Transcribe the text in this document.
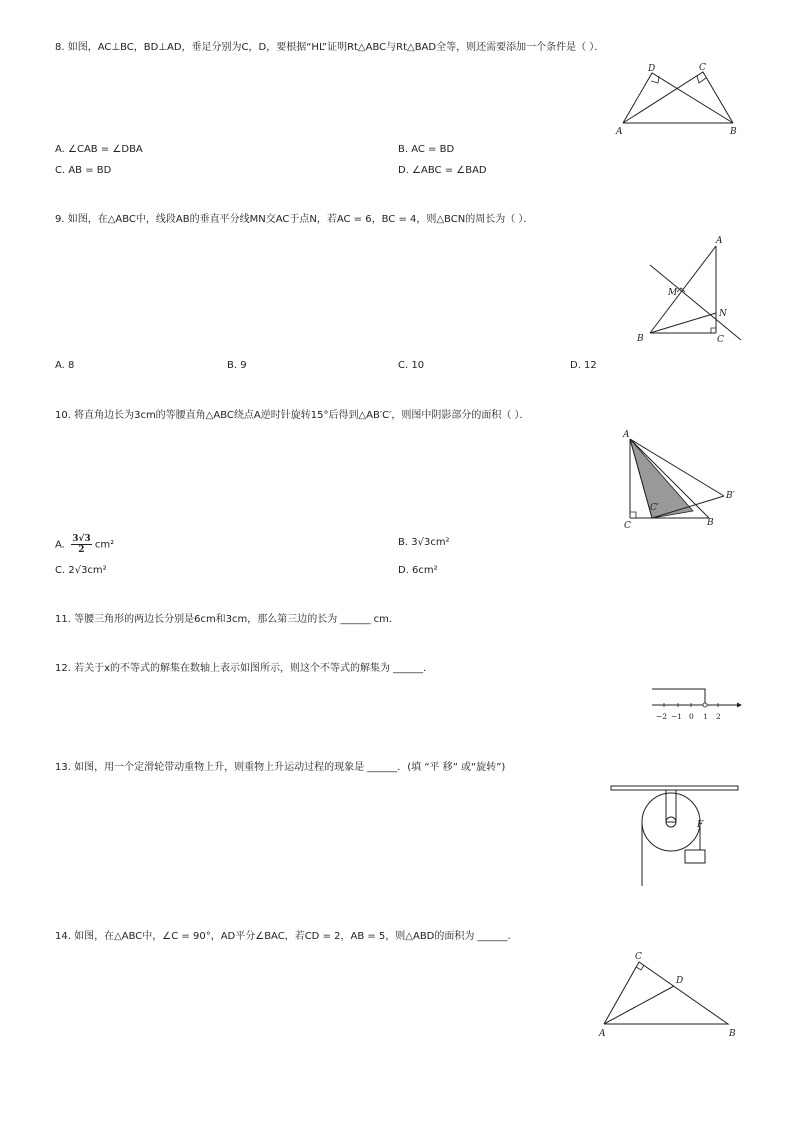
8. 如图，AC⊥BC，BD⊥AD，垂足分别为C，D，要根据“HL”证明Rt△ABC与Rt△BAD全等，则还需要添加一个条件是（ ）．
A	B
C
D
A. ∠CAB = ∠DBA	B. AC = BD
C. AB = BD	D. ∠ABC = ∠BAD
9. 如图，在△ABC中，线段AB的垂直平分线MN交AC于点N，若AC = 6，BC = 4，则△BCN的周长为（ ）．
A
B	C
M
N
A. 8	B. 9	C. 10	D. 12
10. 将直角边长为3cm的等腰直角△ABC绕点A逆时针旋转15°后得到△AB′C′，则图中阴影部分的面积（ ）．
A
C	B
B′
C′
A. $\frac{3√3}{2} cm^2$	B. 3√3cm²
C. 2√3cm²	D. 6cm²
11. 等腰三角形的两边长分别是6cm和3cm，那么第三边的长为 ______ cm．
12. 若关于x的不等式的解集在数轴上表示如图所示，则这个不等式的解集为 ______．
−2 −1 0 1 2
13. 如图，用一个定滑轮带动重物上升，则重物上升运动过程的现象是 ______．(填 “平 移” 或“旋转”)
F
14. 如图，在△ABC中，∠C = 90°，AD平分∠BAC，若CD = 2，AB = 5，则△ABD的面积为 ______．
A	B
C
D
